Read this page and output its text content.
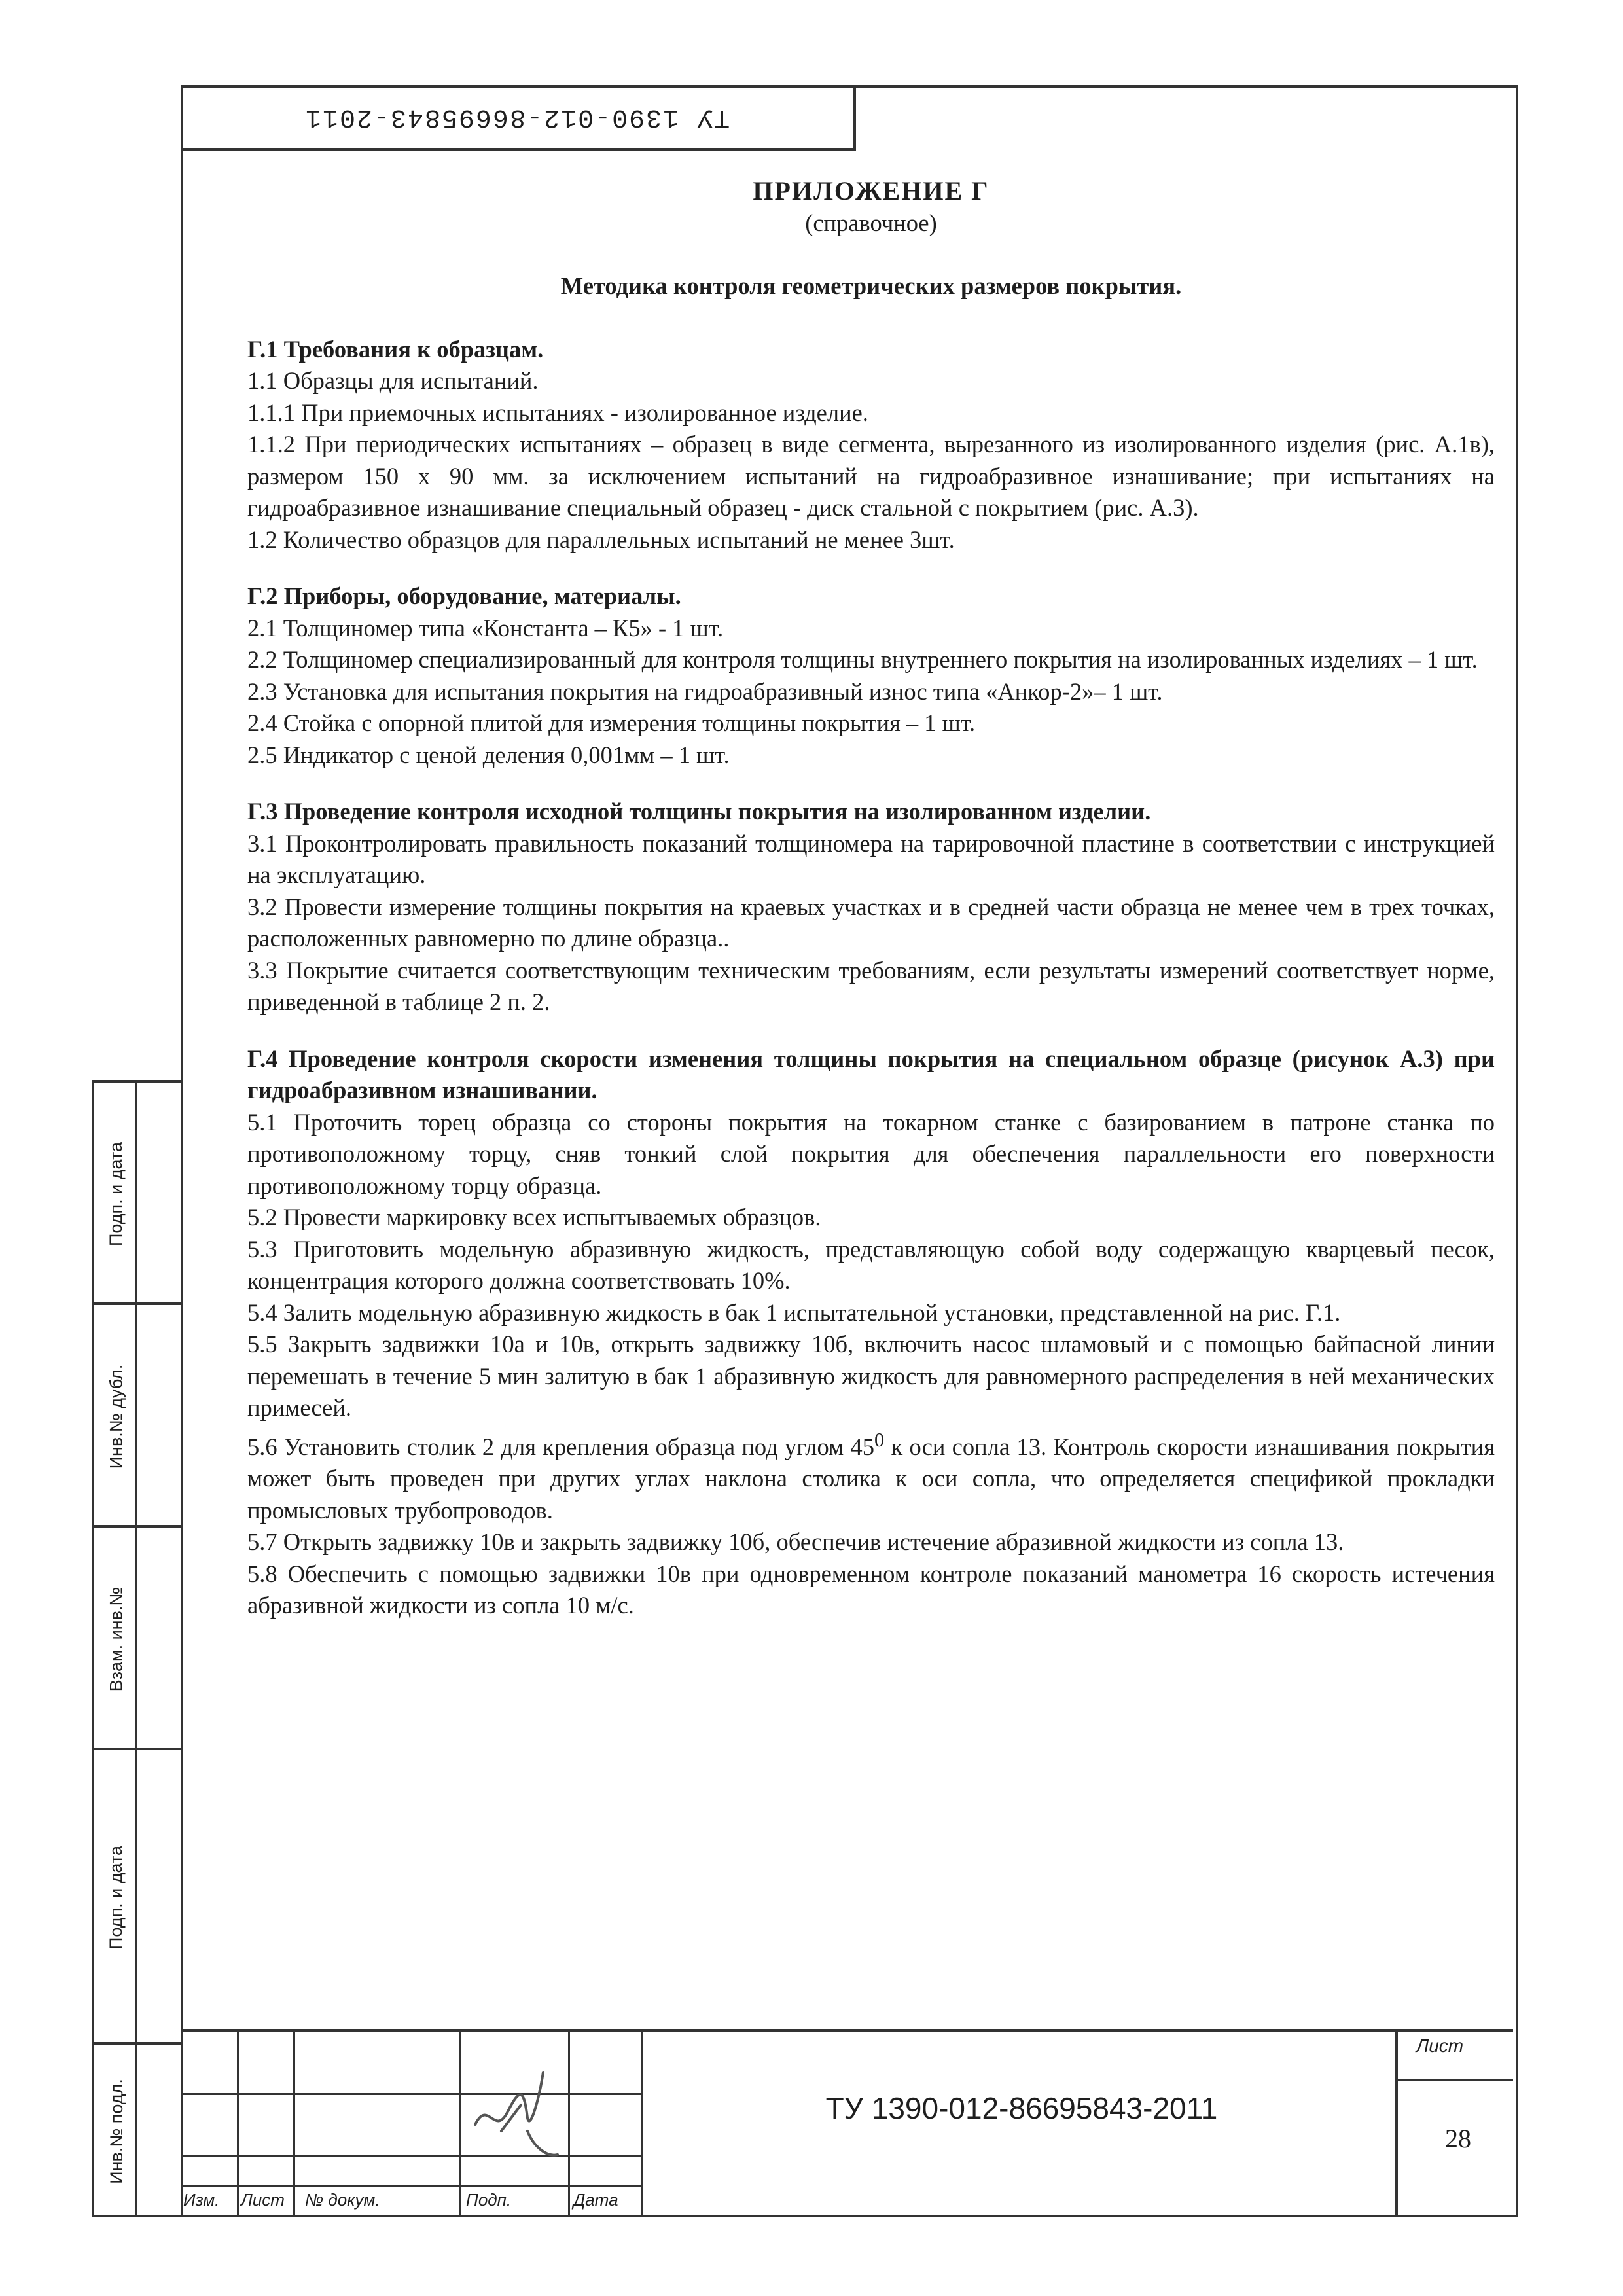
ТУ 1390-012-86695843-2011
Подп. и дата
Инв.№ дубл.
Взам. инв.№
Подп. и дата
Инв.№ подл.

ПРИЛОЖЕНИЕ Г

(справочное)

Методика контроля геометрических размеров покрытия.

Г.1 Требования к образцам.

1.1 Образцы для испытаний.

1.1.1 При приемочных испытаниях - изолированное изделие.

1.1.2 При периодических испытаниях – образец в виде сегмента, вырезанного из изолированного изделия (рис. А.1в), размером 150 х 90 мм. за исключением испытаний на гидроабразивное изнашивание; при испытаниях на гидроабразивное изнашивание специальный образец - диск стальной с покрытием (рис. А.3).

1.2 Количество образцов для параллельных испытаний не менее 3шт.

Г.2 Приборы, оборудование, материалы.

2.1 Толщиномер типа «Константа – К5» - 1 шт.

2.2 Толщиномер специализированный для контроля толщины внутреннего покрытия на изолированных изделиях – 1 шт.

2.3 Установка для испытания покрытия на гидроабразивный износ типа «Анкор-2»– 1 шт.

2.4 Стойка с опорной плитой для измерения толщины покрытия – 1 шт.

2.5 Индикатор с ценой деления 0,001мм – 1 шт.

Г.3 Проведение контроля исходной толщины покрытия на изолированном изделии.

3.1 Проконтролировать правильность показаний толщиномера на тарировочной пластине в соответствии с инструкцией на эксплуатацию.

3.2 Провести измерение толщины покрытия на краевых участках и в средней части образца не менее чем в трех точках, расположенных равномерно по длине образца..

3.3 Покрытие считается соответствующим техническим требованиям, если результаты измерений соответствует норме, приведенной в таблице 2 п. 2.

Г.4 Проведение контроля скорости изменения толщины покрытия на специальном образце (рисунок А.3) при гидроабразивном изнашивании.

5.1 Проточить торец образца со стороны покрытия на токарном станке с базированием в патроне станка по противоположному торцу, сняв тонкий слой покрытия для обеспечения параллельности его поверхности противоположному торцу образца.

5.2 Провести маркировку всех испытываемых образцов.

5.3 Приготовить модельную абразивную жидкость, представляющую собой воду содержащую кварцевый песок, концентрация которого должна соответствовать 10%.

5.4 Залить модельную абразивную жидкость в бак 1 испытательной установки, представленной на рис. Г.1.

5.5 Закрыть задвижки 10а и 10в, открыть задвижку 10б, включить насос шламовый и с помощью байпасной линии перемешать в течение 5 мин залитую в бак 1 абразивную жидкость для равномерного распределения в ней механических примесей.

5.6 Установить столик 2 для крепления образца под углом $45^0$ к оси сопла 13. Контроль скорости изнашивания покрытия может быть проведен при других углах наклона столика к оси сопла, что определяется спецификой прокладки промысловых трубопроводов.

5.7 Открыть задвижку 10в и закрыть задвижку 10б, обеспечив истечение абразивной жидкости из сопла 13.

5.8 Обеспечить с помощью задвижки 10в при одновременном контроле показаний манометра 16 скорость истечения абразивной жидкости из сопла 10 м/с.

Изм. Лист № докум.	Подп.	Дата
ТУ 1390-012-86695843-2011
Лист
28
